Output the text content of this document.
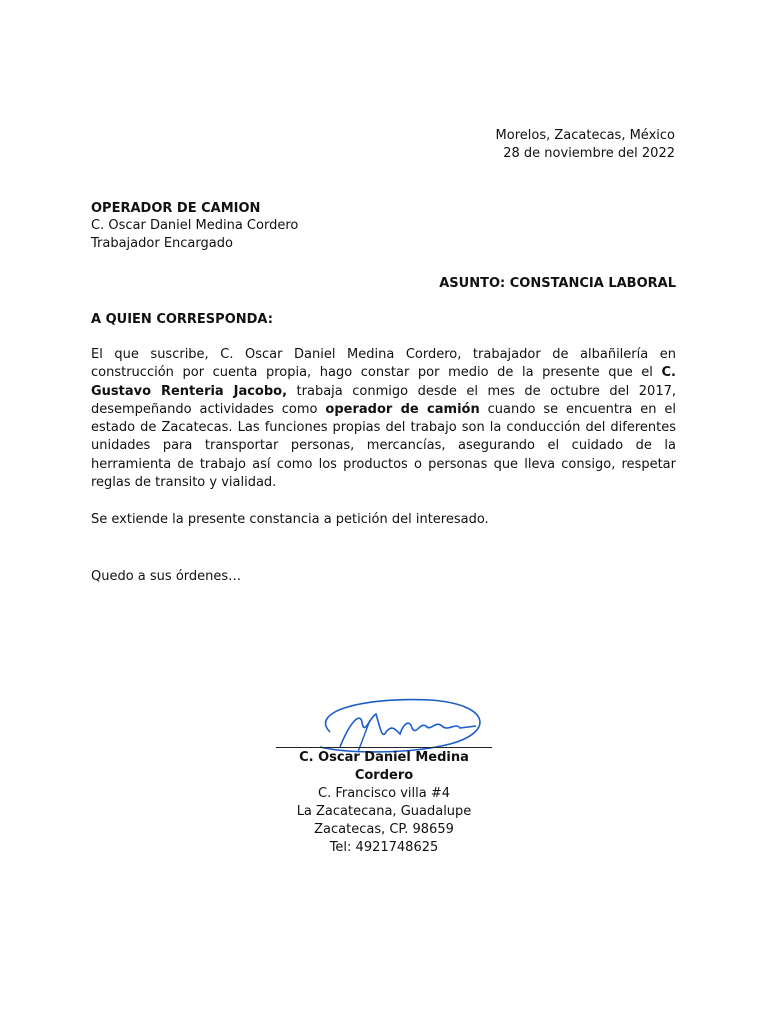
Morelos, Zacatecas, México
28 de noviembre del 2022
OPERADOR DE CAMION
C. Oscar Daniel Medina Cordero
Trabajador Encargado
ASUNTO: CONSTANCIA LABORAL
A QUIEN CORRESPONDA:
El que suscribe, C. Oscar Daniel Medina Cordero, trabajador de albañilería en construcción por cuenta propia, hago constar por medio de la presente que el C. Gustavo Renteria Jacobo, trabaja conmigo desde el mes de octubre del 2017, desempeñando actividades como operador de camión cuando se encuentra en el estado de Zacatecas. Las funciones propias del trabajo son la conducción del diferentes unidades para transportar personas, mercancías, asegurando el cuidado de la herramienta de trabajo así como los productos o personas que lleva consigo, respetar reglas de transito y vialidad.
Se extiende la presente constancia a petición del interesado.
Quedo a sus órdenes…
C. Oscar Daniel Medina Cordero
C. Francisco villa #4
La Zacatecana, Guadalupe
Zacatecas, CP. 98659
Tel: 4921748625
